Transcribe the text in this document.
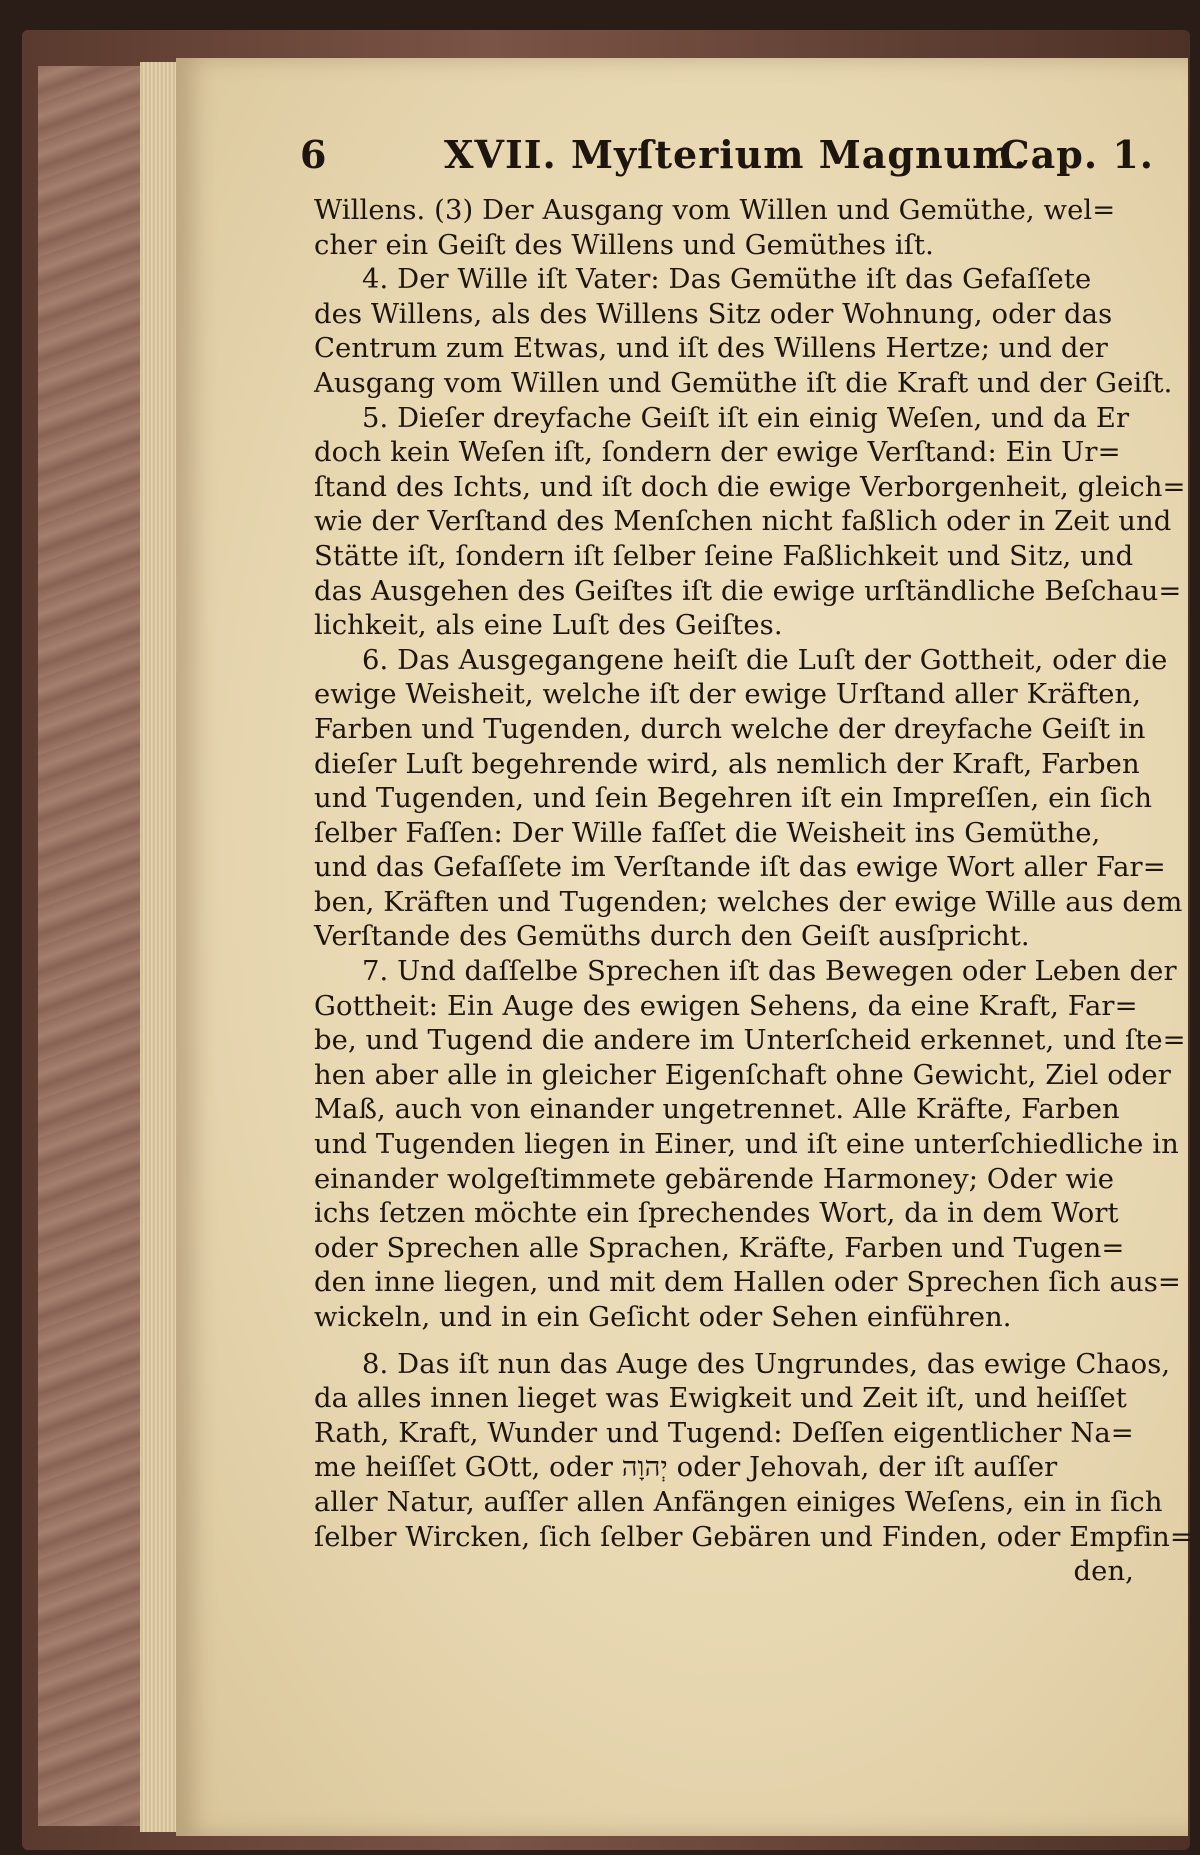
6	XVII. Myſterium Magnum.
Cap. 1.
Willens. (3) Der Ausgang vom Willen und Gemüthe, wel=
cher ein Geiſt des Willens und Gemüthes iſt.
4. Der Wille iſt Vater: Das Gemüthe iſt das Gefaſſete
des Willens, als des Willens Sitz oder Wohnung, oder das
Centrum zum Etwas, und iſt des Willens Hertze; und der
Ausgang vom Willen und Gemüthe iſt die Kraft und der Geiſt.
5. Dieſer dreyfache Geiſt iſt ein einig Weſen, und da Er
doch kein Weſen iſt, ſondern der ewige Verſtand: Ein Ur=
ſtand des Ichts, und iſt doch die ewige Verborgenheit, gleich=
wie der Verſtand des Menſchen nicht faßlich oder in Zeit und
Stätte iſt, ſondern iſt ſelber ſeine Faßlichkeit und Sitz, und
das Ausgehen des Geiſtes iſt die ewige urſtändliche Beſchau=
lichkeit, als eine Luſt des Geiſtes.
6. Das Ausgegangene heiſt die Luſt der Gottheit, oder die
ewige Weisheit, welche iſt der ewige Urſtand aller Kräften,
Farben und Tugenden, durch welche der dreyfache Geiſt in
dieſer Luſt begehrende wird, als nemlich der Kraft, Farben
und Tugenden, und ſein Begehren iſt ein Impreſſen, ein ſich
ſelber Faſſen: Der Wille faſſet die Weisheit ins Gemüthe,
und das Gefaſſete im Verſtande iſt das ewige Wort aller Far=
ben, Kräften und Tugenden; welches der ewige Wille aus dem
Verſtande des Gemüths durch den Geiſt ausſpricht.
7. Und daſſelbe Sprechen iſt das Bewegen oder Leben der
Gottheit: Ein Auge des ewigen Sehens, da eine Kraft, Far=
be, und Tugend die andere im Unterſcheid erkennet, und ſte=
hen aber alle in gleicher Eigenſchaft ohne Gewicht, Ziel oder
Maß, auch von einander ungetrennet. Alle Kräfte, Farben
und Tugenden liegen in Einer, und iſt eine unterſchiedliche in
einander wolgeſtimmete gebärende Harmoney; Oder wie
ichs ſetzen möchte ein ſprechendes Wort, da in dem Wort
oder Sprechen alle Sprachen, Kräfte, Farben und Tugen=
den inne liegen, und mit dem Hallen oder Sprechen ſich aus=
wickeln, und in ein Geſicht oder Sehen einführen.
8. Das iſt nun das Auge des Ungrundes, das ewige Chaos,
da alles innen lieget was Ewigkeit und Zeit iſt, und heiſſet
Rath, Kraft, Wunder und Tugend: Deſſen eigentlicher Na=
me heiſſet GOtt, oder יְהוָה oder Jehovah, der iſt auſſer
aller Natur, auſſer allen Anfängen einiges Weſens, ein in ſich
ſelber Wircken, ſich ſelber Gebären und Finden, oder Empfin=
den,
